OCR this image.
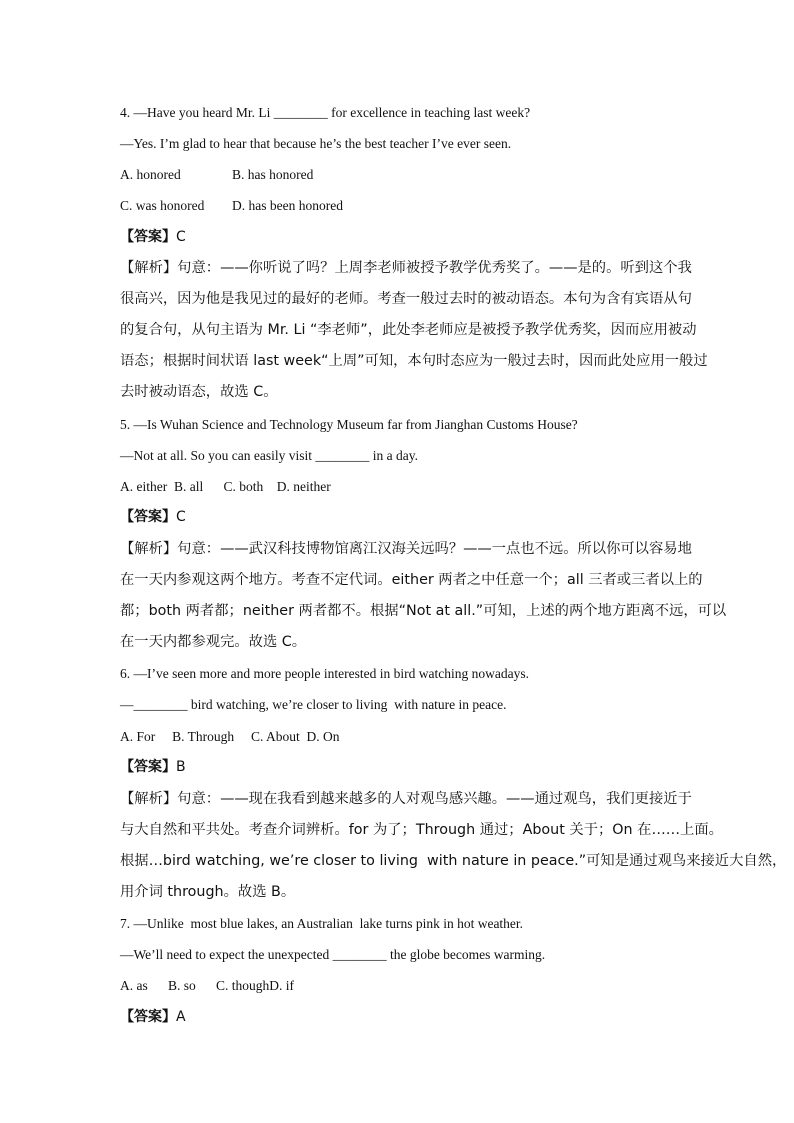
4. —Have you heard Mr. Li ________ for excellence in teaching last week?
—Yes. I’m glad to hear that because he’s the best teacher I’ve ever seen.
A. honored	B. has honored
C. was honored D. has been honored
【答案】C
【解析】句意：——你听说了吗？上周李老师被授予教学优秀奖了。——是的。听到这个我
很高兴，因为他是我见过的最好的老师。考查一般过去时的被动语态。本句为含有宾语从句
的复合句，从句主语为 Mr. Li “李老师”，此处李老师应是被授予教学优秀奖，因而应用被动
语态；根据时间状语 last week“上周”可知，本句时态应为一般过去时，因而此处应用一般过
去时被动语态，故选 C。
5. —Is Wuhan Science and Technology Museum far from Jianghan Customs House?
—Not at all. So you can easily visit ________ in a day.
A. either  B. all      C. both    D. neither
【答案】C
【解析】句意：——武汉科技博物馆离江汉海关远吗？——一点也不远。所以你可以容易地
在一天内参观这两个地方。考查不定代词。either 两者之中任意一个；all 三者或三者以上的
都；both 两者都；neither 两者都不。根据“Not at all.”可知，上述的两个地方距离不远，可以
在一天内都参观完。故选 C。
6. —I’ve seen more and more people interested in bird watching nowadays.
—________ bird watching, we’re closer to living  with nature in peace.
A. For     B. Through     C. About  D. On
【答案】B
【解析】句意：——现在我看到越来越多的人对观鸟感兴趣。——通过观鸟，我们更接近于
与大自然和平共处。考查介词辨析。for 为了；Through 通过；About 关于；On 在……上面。
根据…bird watching, we’re closer to living  with nature in peace.”可知是通过观鸟来接近大自然，
用介词 through。故选 B。
7. —Unlike  most blue lakes, an Australian  lake turns pink in hot weather.
—We’ll need to expect the unexpected ________ the globe becomes warming.
A. as      B. so      C. thoughD. if
【答案】A
